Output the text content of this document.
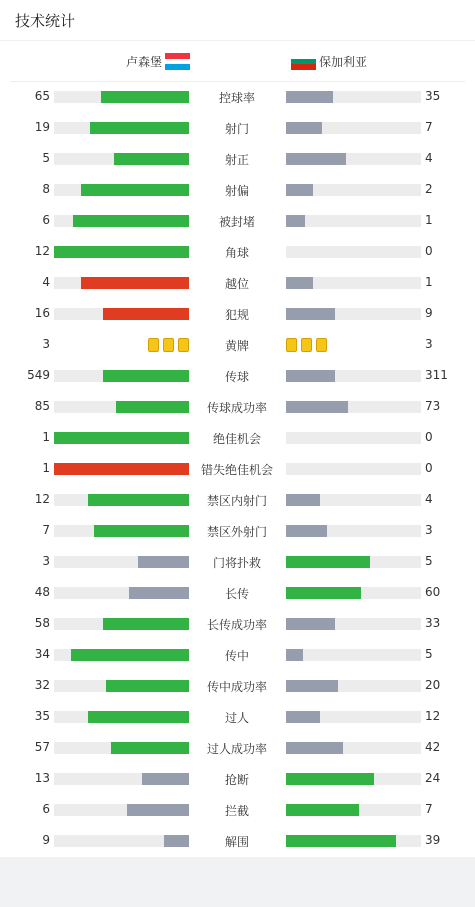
技术统计
卢森堡	保加利亚
65	控球率	35
19	射门	7
5	射正	4
8	射偏	2
6	被封堵	1
12	角球	0
4	越位	1
16	犯规	9
3	黄牌	3
549	传球	311
85	传球成功率	73
1	绝佳机会	0
1	错失绝佳机会	0
12	禁区内射门	4
7	禁区外射门	3
3	门将扑救	5
48	长传	60
58	长传成功率	33
34	传中	5
32	传中成功率	20
35	过人	12
57	过人成功率	42
13	抢断	24
6	拦截	7
9	解围	39
